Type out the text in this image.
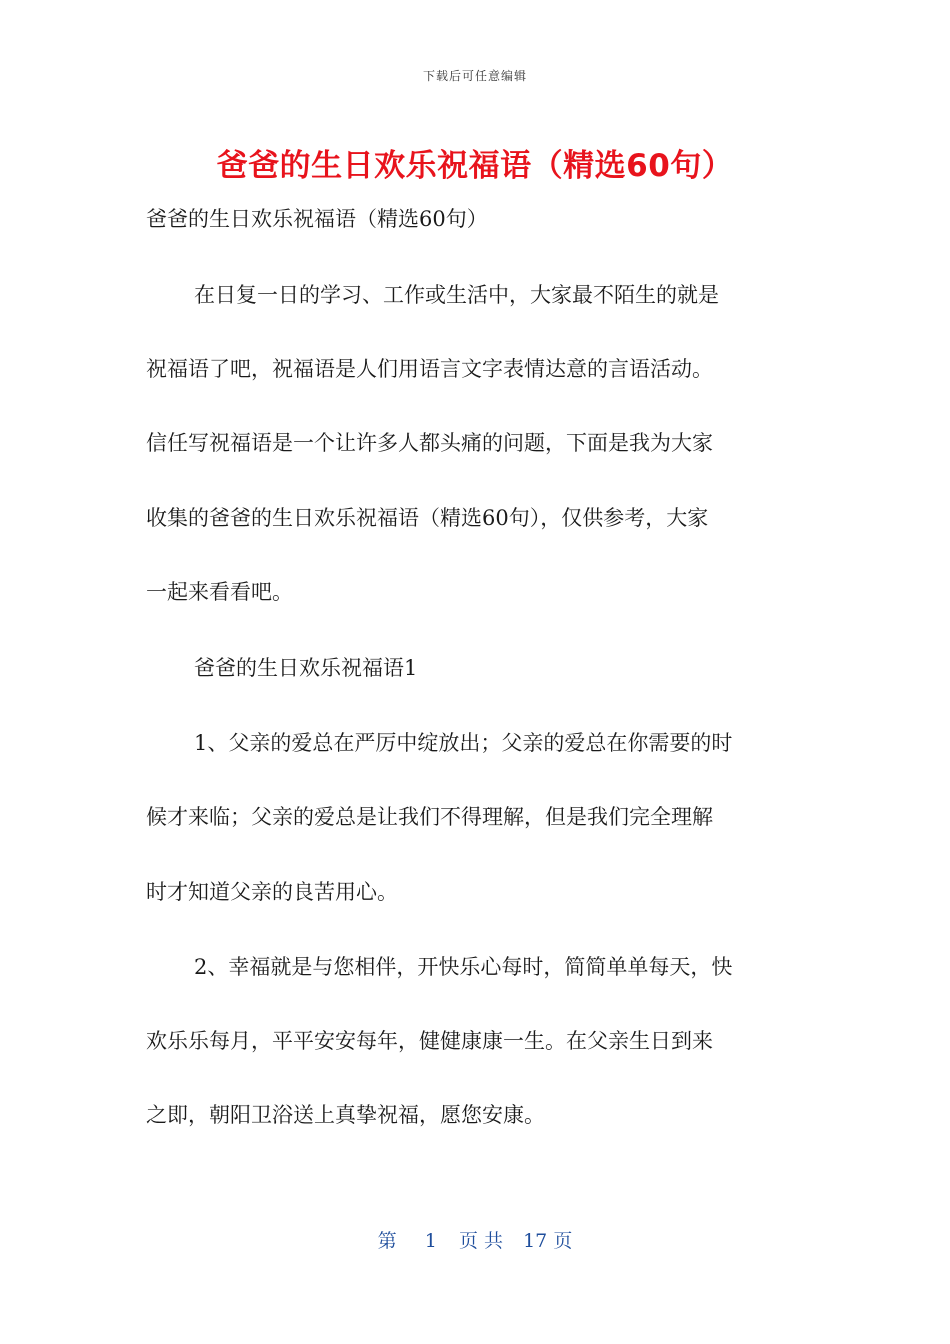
下载后可任意编辑
爸爸的生日欢乐祝福语（精选60句）
爸爸的生日欢乐祝福语（精选60句）
在日复一日的学习、工作或生活中，大家最不陌生的就是
祝福语了吧，祝福语是人们用语言文字表情达意的言语活动。
信任写祝福语是一个让许多人都头痛的问题，下面是我为大家
收集的爸爸的生日欢乐祝福语（精选60句），仅供参考，大家
一起来看看吧。
爸爸的生日欢乐祝福语1
1、父亲的爱总在严厉中绽放出；父亲的爱总在你需要的时
候才来临；父亲的爱总是让我们不得理解，但是我们完全理解
时才知道父亲的良苦用心。
2、幸福就是与您相伴，开快乐心每时，简简单单每天，快
欢乐乐每月，平平安安每年，健健康康一生。在父亲生日到来
之即，朝阳卫浴送上真挚祝福，愿您安康。
第 1 页 共 17 页
